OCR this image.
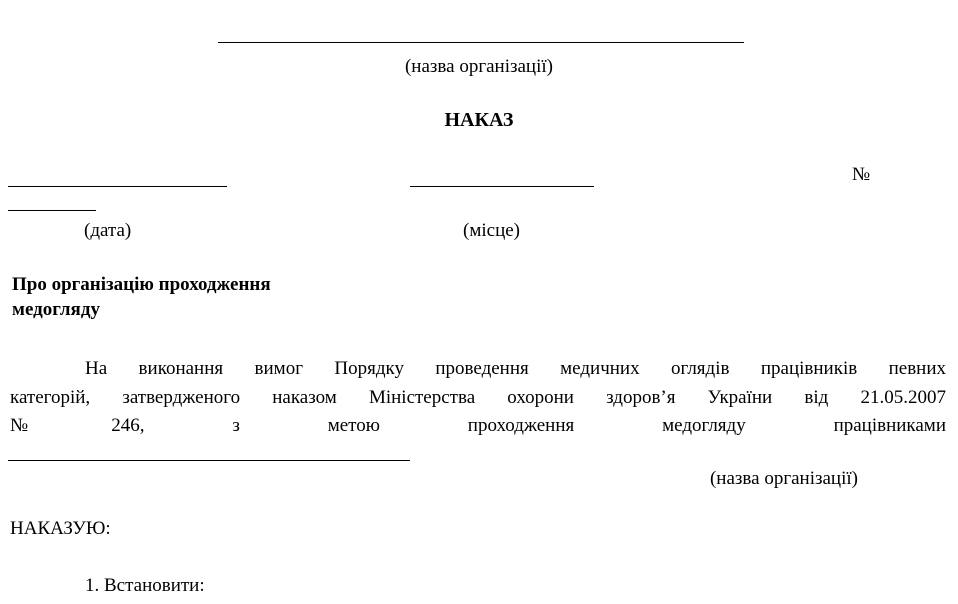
(назва організації)
НАКАЗ
№
(дата)	(місце)
Про організацію проходження
медогляду
На виконання вимог Порядку проведення медичних оглядів працівників певних
категорій, затвердженого наказом Міністерства охорони здоров’я України від 21.05.2007
№246, з метою проходження медогляду працівниками
(назва організації)
НАКАЗУЮ:
1. Встановити:
